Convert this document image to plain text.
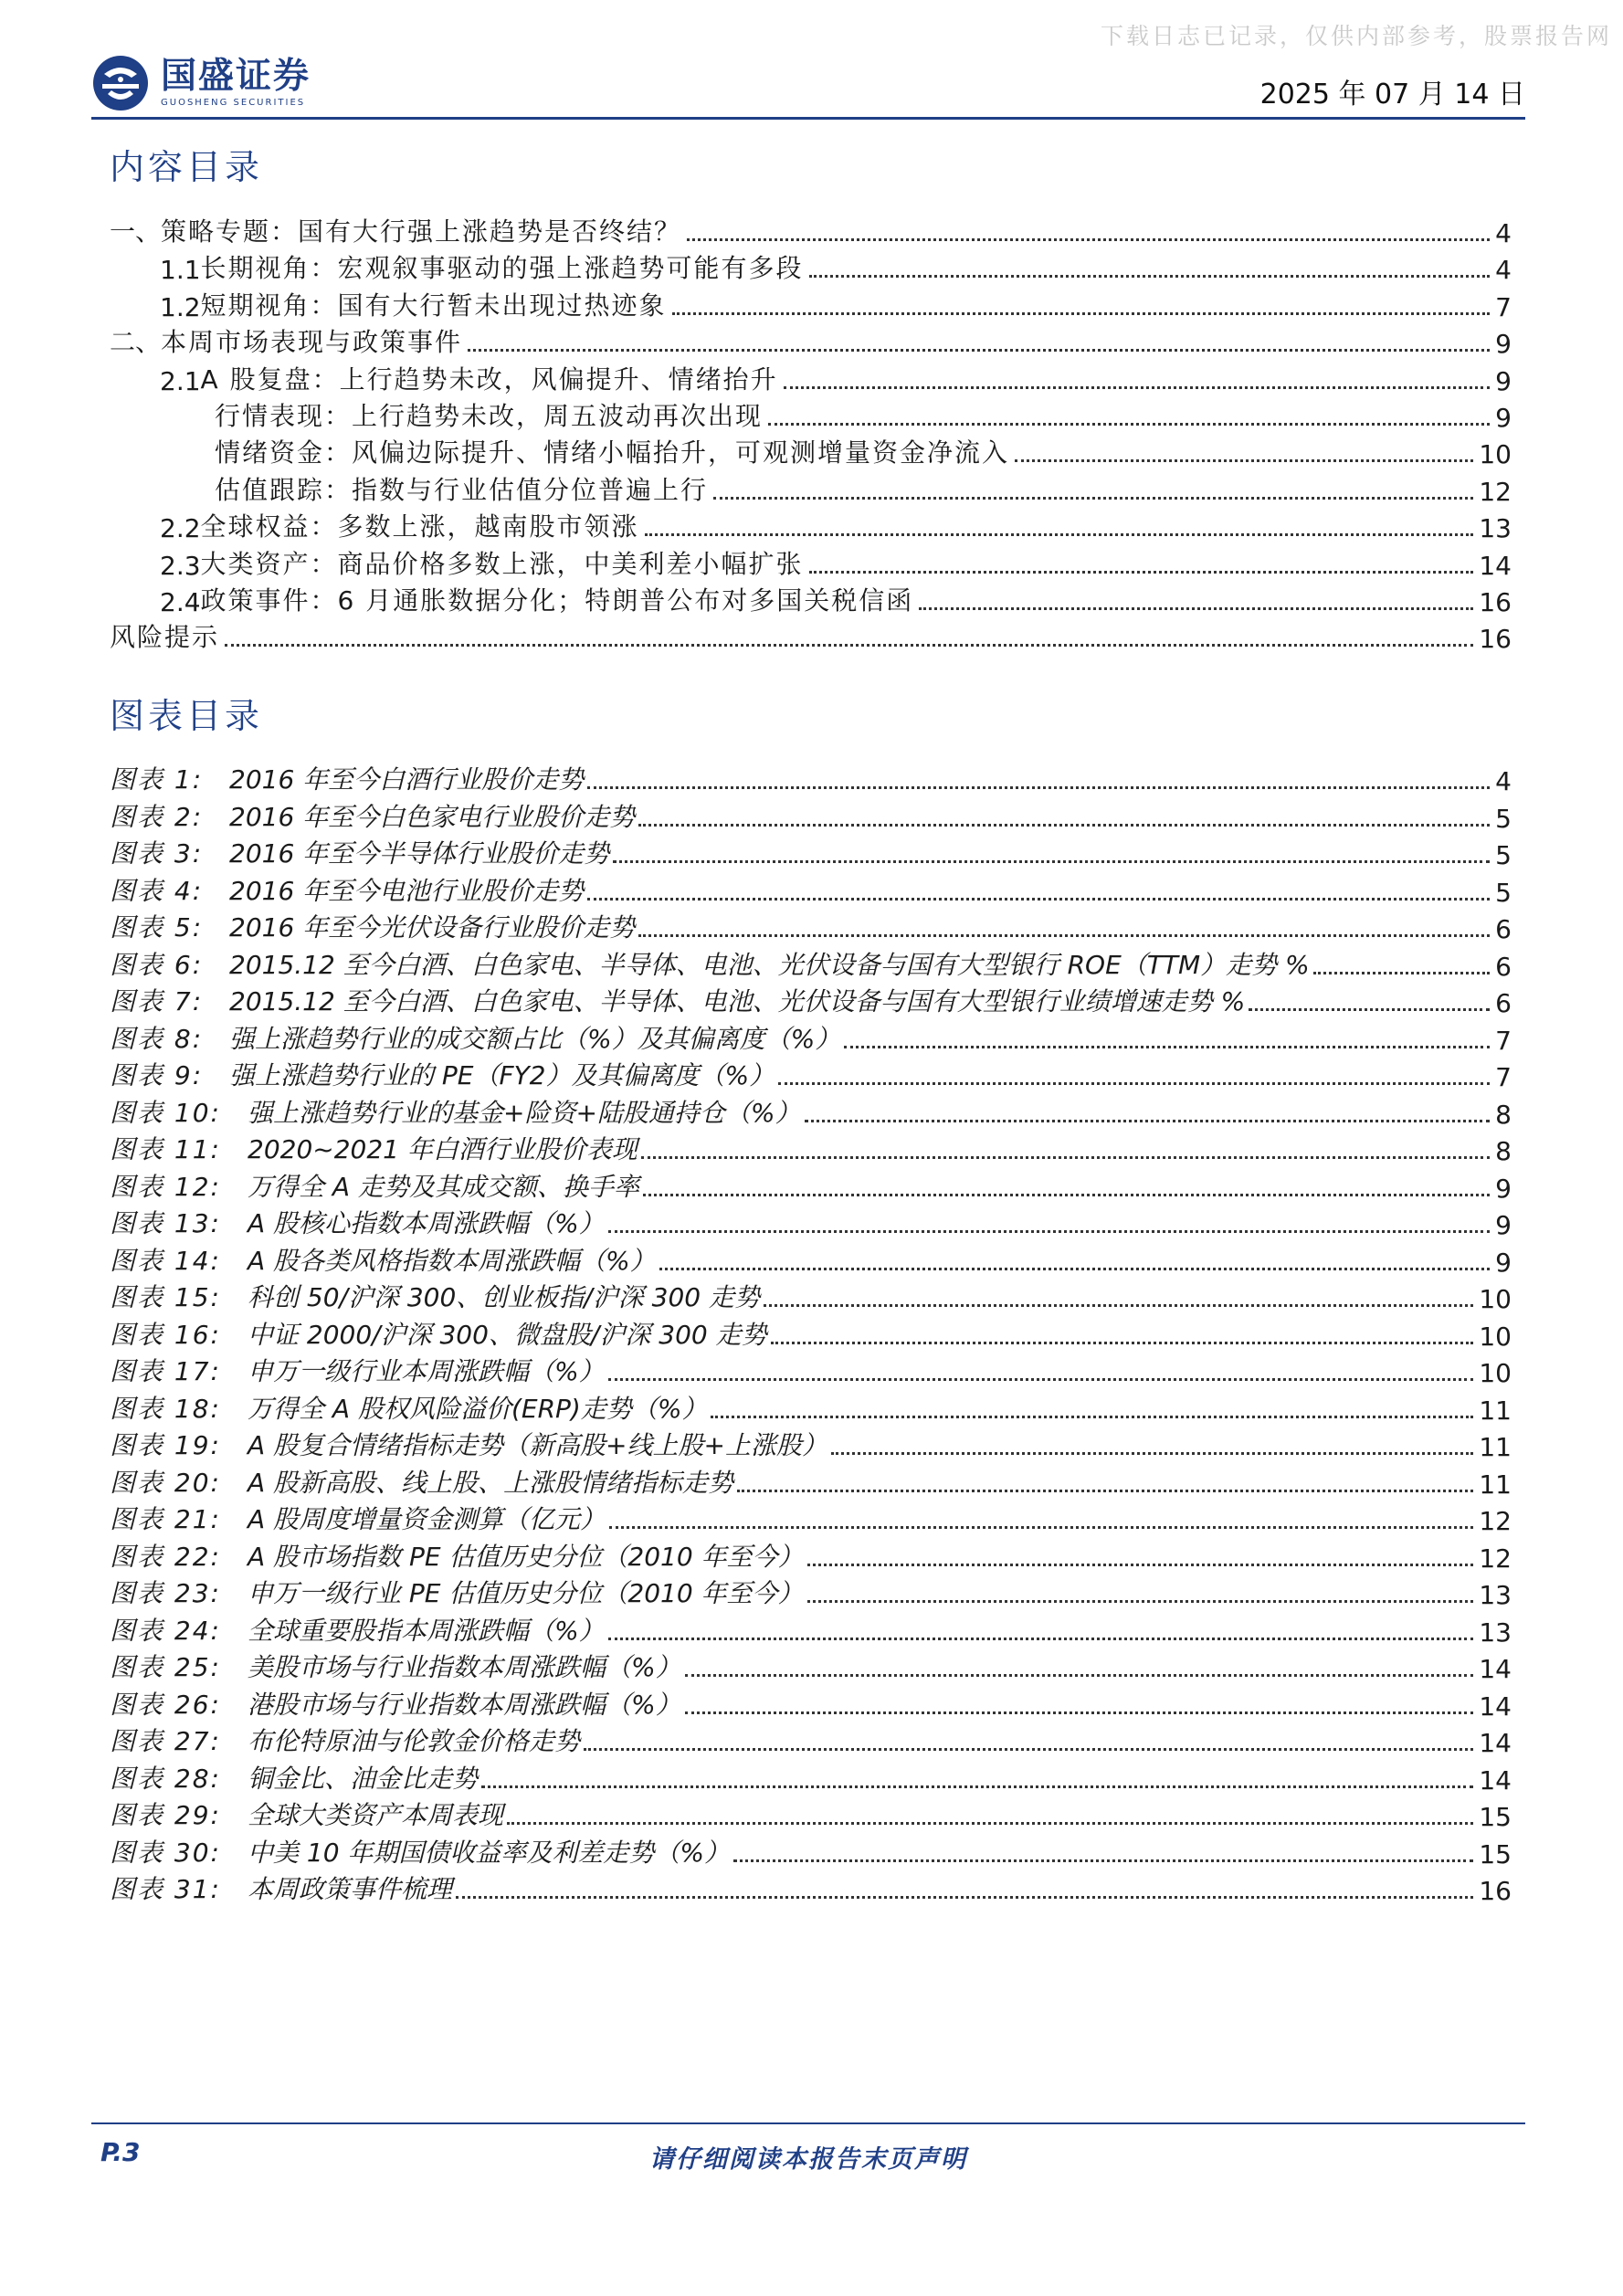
下载日志已记录，仅供内部参考，股票报告网
国盛证券
GUOSHENG SECURITIES	2025 年 07 月 14 日
内容目录
一、 策略专题：国有大行强上涨趋势是否终结？	4
1.1 长期视角：宏观叙事驱动的强上涨趋势可能有多段	4
1.2 短期视角：国有大行暂未出现过热迹象	7
二、 本周市场表现与政策事件	9
2.1 A 股复盘：上行趋势未改，风偏提升、情绪抬升	9
行情表现：上行趋势未改，周五波动再次出现	9
情绪资金：风偏边际提升、情绪小幅抬升，可观测增量资金净流入	10
估值跟踪：指数与行业估值分位普遍上行	12
2.2 全球权益：多数上涨，越南股市领涨	13
2.3 大类资产：商品价格多数上涨，中美利差小幅扩张	14
2.4 政策事件：6 月通胀数据分化；特朗普公布对多国关税信函	16
风险提示	16
图表目录
图表 1:	2016 年至今白酒行业股价走势	4
图表 2:	2016 年至今白色家电行业股价走势	5
图表 3:	2016 年至今半导体行业股价走势	5
图表 4:	2016 年至今电池行业股价走势	5
图表 5:	2016 年至今光伏设备行业股价走势	6
图表 6:	2015.12 至今白酒、白色家电、半导体、电池、光伏设备与国有大型银行 ROE（TTM）走势 %	6
图表 7:	2015.12 至今白酒、白色家电、半导体、电池、光伏设备与国有大型银行业绩增速走势 %	6
图表 8:	强上涨趋势行业的成交额占比（%）及其偏离度（%）	7
图表 9:	强上涨趋势行业的 PE（FY2）及其偏离度（%）	7
图表 10:	强上涨趋势行业的基金+险资+陆股通持仓（%）	8
图表 11:	2020~2021 年白酒行业股价表现	8
图表 12:	万得全 A 走势及其成交额、换手率	9
图表 13:	A 股核心指数本周涨跌幅（%）	9
图表 14:	A 股各类风格指数本周涨跌幅（%）	9
图表 15:	科创 50/沪深 300、创业板指/沪深 300 走势	10
图表 16:	中证 2000/沪深 300、微盘股/沪深 300 走势	10
图表 17:	申万一级行业本周涨跌幅（%）	10
图表 18:	万得全 A 股权风险溢价(ERP)走势（%）	11
图表 19:	A 股复合情绪指标走势（新高股+线上股+上涨股）	11
图表 20:	A 股新高股、线上股、上涨股情绪指标走势	11
图表 21:	A 股周度增量资金测算（亿元）	12
图表 22:	A 股市场指数 PE 估值历史分位（2010 年至今）	12
图表 23:	申万一级行业 PE 估值历史分位（2010 年至今）	13
图表 24:	全球重要股指本周涨跌幅（%）	13
图表 25:	美股市场与行业指数本周涨跌幅（%）	14
图表 26:	港股市场与行业指数本周涨跌幅（%）	14
图表 27:	布伦特原油与伦敦金价格走势	14
图表 28:	铜金比、油金比走势	14
图表 29:	全球大类资产本周表现	15
图表 30:	中美 10 年期国债收益率及利差走势（%）	15
图表 31:	本周政策事件梳理	16
P.3	请仔细阅读本报告末页声明
